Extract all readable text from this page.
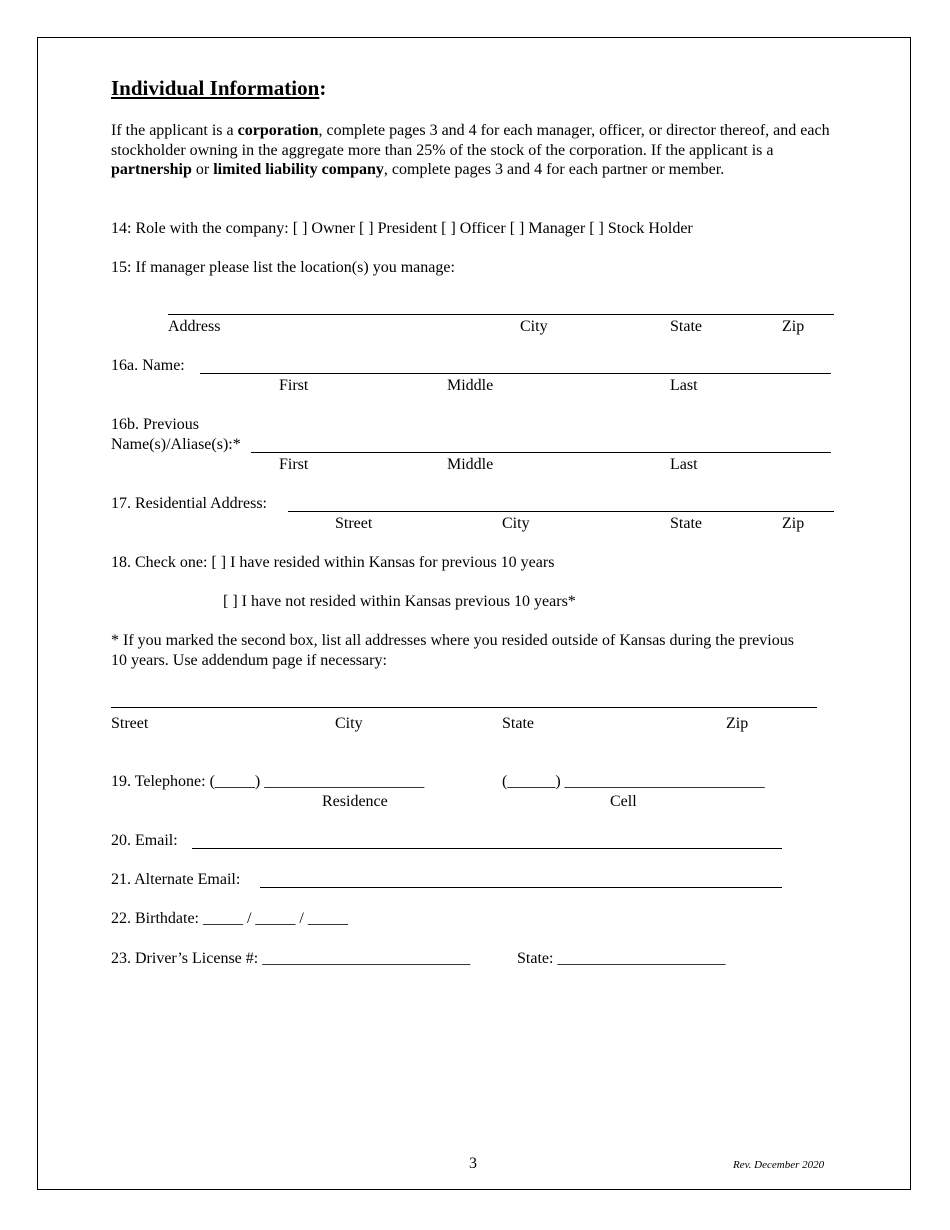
Individual Information:
If the applicant is a corporation, complete pages 3 and 4 for each manager, officer, or director thereof, and each stockholder owning in the aggregate more than 25% of the stock of the corporation. If the applicant is a partnership or limited liability company, complete pages 3 and 4 for each partner or member.
14: Role with the company: [ ] Owner [ ] President [ ] Officer [ ] Manager [ ] Stock Holder
15: If manager please list the location(s) you manage:
Address	City	State	Zip
16a. Name:
First	Middle	Last
16b. Previous
Name(s)/Aliase(s):*
First	Middle	Last
17. Residential Address:
Street	City	State	Zip
18. Check one: [ ] I have resided within Kansas for previous 10 years
[ ] I have not resided within Kansas previous 10 years*
* If you marked the second box, list all addresses where you resided outside of Kansas during the previous 10 years. Use addendum page if necessary:
Street	City	State	Zip
19. Telephone: (_____) ____________________	(______) _________________________
Residence	Cell
20. Email:
21. Alternate Email:
22. Birthdate: _____ / _____ / _____
23. Driver’s License #: __________________________	State: _____________________
3	Rev. December 2020
